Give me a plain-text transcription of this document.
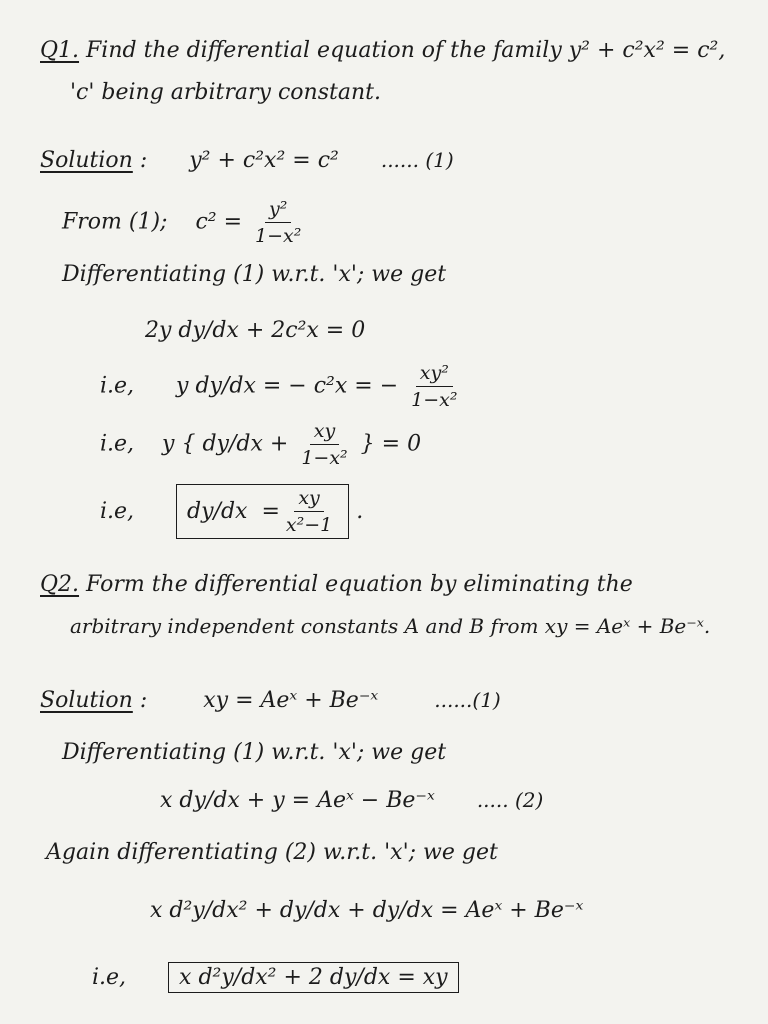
Q1. Find the differential equation of the family y² + c²x² = c²,
'c' being arbitrary constant.
Solution : y² + c²x² = c² ...... (1)
From (1); $c^2 = \frac{\text{y²}}{\text{1−x²}}$
Differentiating (1) w.r.t. 'x'; we get
2y dy/dx + 2c²x = 0
i.e, y dy/dx = − c²x = − $\frac{\text{xy²}}{\text{1−x²}}$
i.e, y { $dy/dx + \frac{xy}{\text{1−x²}}$ } = 0
i.e, $dy/dx = \frac{xy}{\text{x²−1}}$ .
Q2. Form the differential equation by eliminating the
arbitrary independent constants A and B from xy = Aeˣ + Be⁻ˣ.
Solution :	xy = Aeˣ + Be⁻ˣ	......(1)
Differentiating (1) w.r.t. 'x'; we get
x dy/dx + y = Aeˣ − Be⁻ˣ ..... (2)
Again differentiating (2) w.r.t. 'x'; we get
x d²y/dx² + dy/dx + dy/dx = Aeˣ + Be⁻ˣ
i.e, x d²y/dx² + 2 dy/dx = xy
